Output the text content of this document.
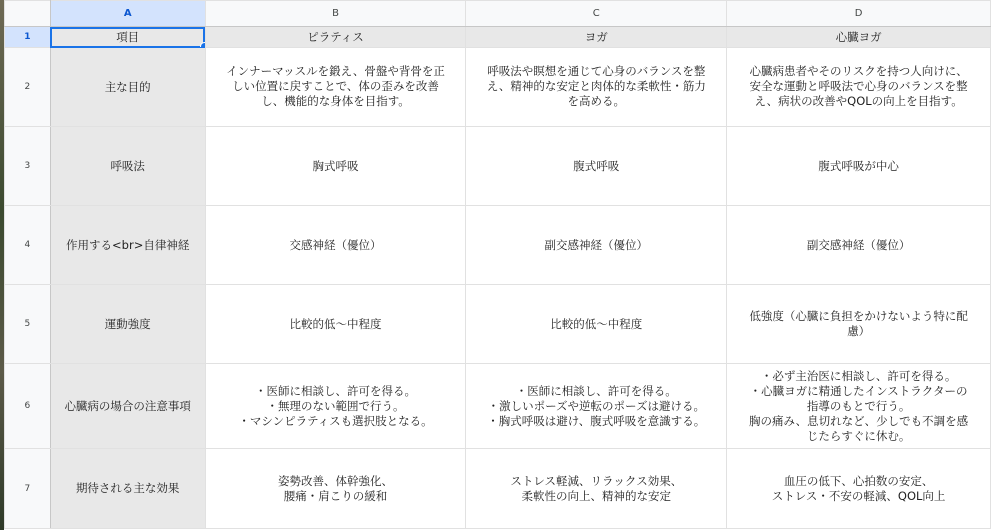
	A	B	C	D
1	項目	ピラティス	ヨガ	心臓ヨガ

2	主な目的	インナーマッスルを鍛え、骨盤や背骨を正
しい位置に戻すことで、体の歪みを改善
し、機能的な身体を目指す。	呼吸法や瞑想を通じて心身のバランスを整
え、精神的な安定と肉体的な柔軟性・筋力
を高める。	心臓病患者やそのリスクを持つ人向けに、
安全な運動と呼吸法で心身のバランスを整
え、病状の改善やQOLの向上を目指す。

3	呼吸法	胸式呼吸	腹式呼吸	腹式呼吸が中心

4	作用する<br>自律神経	交感神経（優位）	副交感神経（優位）	副交感神経（優位）

5	運動強度	比較的低〜中程度	比較的低〜中程度	低強度（心臓に負担をかけないよう特に配
慮）

6	心臓病の場合の注意事項	・医師に相談し、許可を得る。
・無理のない範囲で行う。
・マシンピラティスも選択肢となる。	・医師に相談し、許可を得る。
・激しいポーズや逆転のポーズは避ける。
・胸式呼吸は避け、腹式呼吸を意識する。	・必ず主治医に相談し、許可を得る。
・心臓ヨガに精通したインストラクターの
指導のもとで行う。
胸の痛み、息切れなど、少しでも不調を感
じたらすぐに休む。

7	期待される主な効果	姿勢改善、体幹強化、
腰痛・肩こりの緩和	ストレス軽減、リラックス効果、
柔軟性の向上、精神的な安定	血圧の低下、心拍数の安定、
ストレス・不安の軽減、QOL向上
